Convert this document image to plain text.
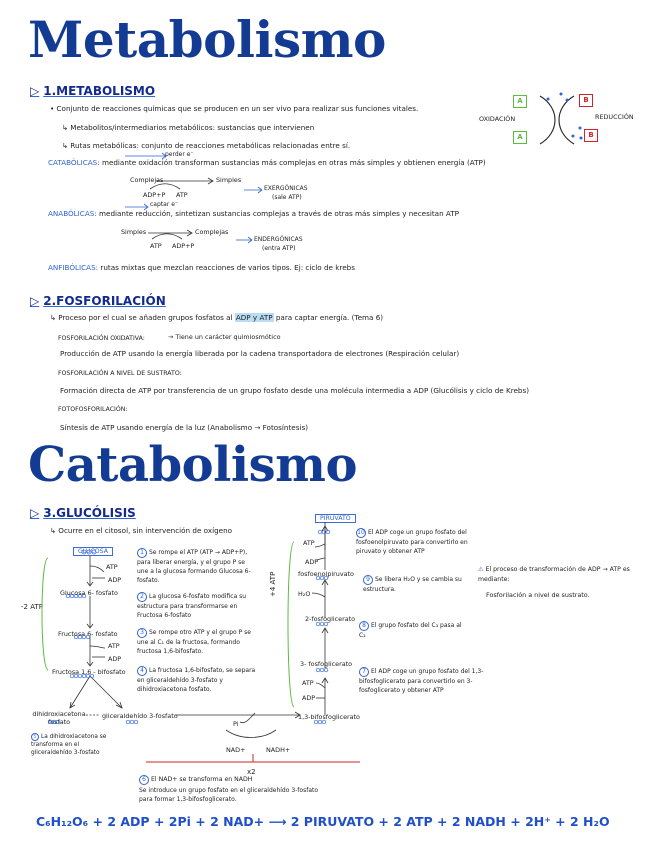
Metabolismo
▷ 1.METABOLISMO
• Conjunto de reacciones químicas que se producen en un ser vivo para realizar sus funciones vitales.
↳ Metabolitos/intermediarios metabólicos: sustancias que intervienen
↳ Rutas metabólicas: conjunto de reacciones metabólicas relacionadas entre sí.
perder e⁻
CATABÓLICAS: mediante oxidación transforman sustancias más complejas en otras más simples y obtienen energía (ATP)
Complejas	Simples
ADP+P ATP
EXERGÓNICAS
(sale ATP)
captar e⁻
ANABÓLICAS: mediante reducción, sintetizan sustancias complejas a través de otras más simples y necesitan ATP
Simples	Complejas
ATP ADP+P
ENDERGÓNICAS
(entra ATP)
ANFIBÓLICAS: rutas mixtas que mezclan reacciones de varios tipos. Ej: ciclo de krebs
A
A
B
B
OXIDACIÓN	REDUCCIÓN
▷ 2.FOSFORILACIÓN
↳ Proceso por el cual se añaden grupos fosfatos al ADP y ATP para captar energía. (Tema 6)
FOSFORILACIÓN OXIDATIVA:	→ Tiene un carácter quimiosmótico
Producción de ATP usando la energía liberada por la cadena transportadora de electrones (Respiración celular)
FOSFORILACIÓN A NIVEL DE SUSTRATO:
Formación directa de ATP por transferencia de un grupo fosfato desde una molécula intermedia a ADP (Glucólisis y ciclo de Krebs)
FOTOFOSFORILACIÓN:
Síntesis de ATP usando energía de la luz (Anabolismo → Fotosíntesis)
Catabolismo
▷ 3.GLUCÓLISIS
↳ Ocurre en el citosol, sin intervención de oxígeno
GLUCOSA
ATP
ADP
Glucosa 6- fosfato
Fructosa 6- fosfato
ATP
ADP
Fructosa 1,6 - bifosfato
-2 ATP
dihidroxiacetona fosfato
gliceraldehído 3-fosfato
5 La dihidroxiacetona se transforma en el gliceraldehído 3-fosfato
1 Se rompe el ATP (ATP → ADP+P), para liberar energía, y el grupo P se une a la glucosa formando Glucosa 6-fosfato.
2 La glucosa 6-fosfato modifica su estructura para transformarse en Fructosa 6-fosfato
3 Se rompe otro ATP y el grupo P se une al C₁ de la fructosa, formando fructosa 1,6-bifosfato.
4 La fructosa 1,6-bifosfato, se separa en gliceraldehído 3-fosfato y dihidroxiacetona fosfato.
Pi
NAD+	NADH+
x2
6 El NAD+ se transforma en NADH
Se introduce un grupo fosfato en el gliceraldehído 3-fosfato para formar 1,3-bifosfoglicerato.
PIRUVATO
ATP
ADP
fosfoenolpiruvato
H₂O
2-fosfoglicerato
3- fosfoglicerato
ATP
ADP
1,3-bifosfoglicerato
+4 ATP
10 El ADP coge un grupo fosfato del fosfoenolpiruvato para convertirlo en piruvato y obtener ATP
9 Se libera H₂O y se cambia su estructura.
8 El grupo fosfato del C₃ pasa al C₂
7 El ADP coge un grupo fosfato del 1,3-bifosfoglicerato para convertirlo en 3-fosfoglicerato y obtener ATP
⚠ El proceso de transformación de ADP → ATP es mediante:
Fosforilación a nivel de sustrato.
C₆H₁₂O₆ + 2 ADP + 2Pi + 2 NAD+ ⟶ 2 PIRUVATO + 2 ATP + 2 NADH + 2H⁺ + 2 H₂O
